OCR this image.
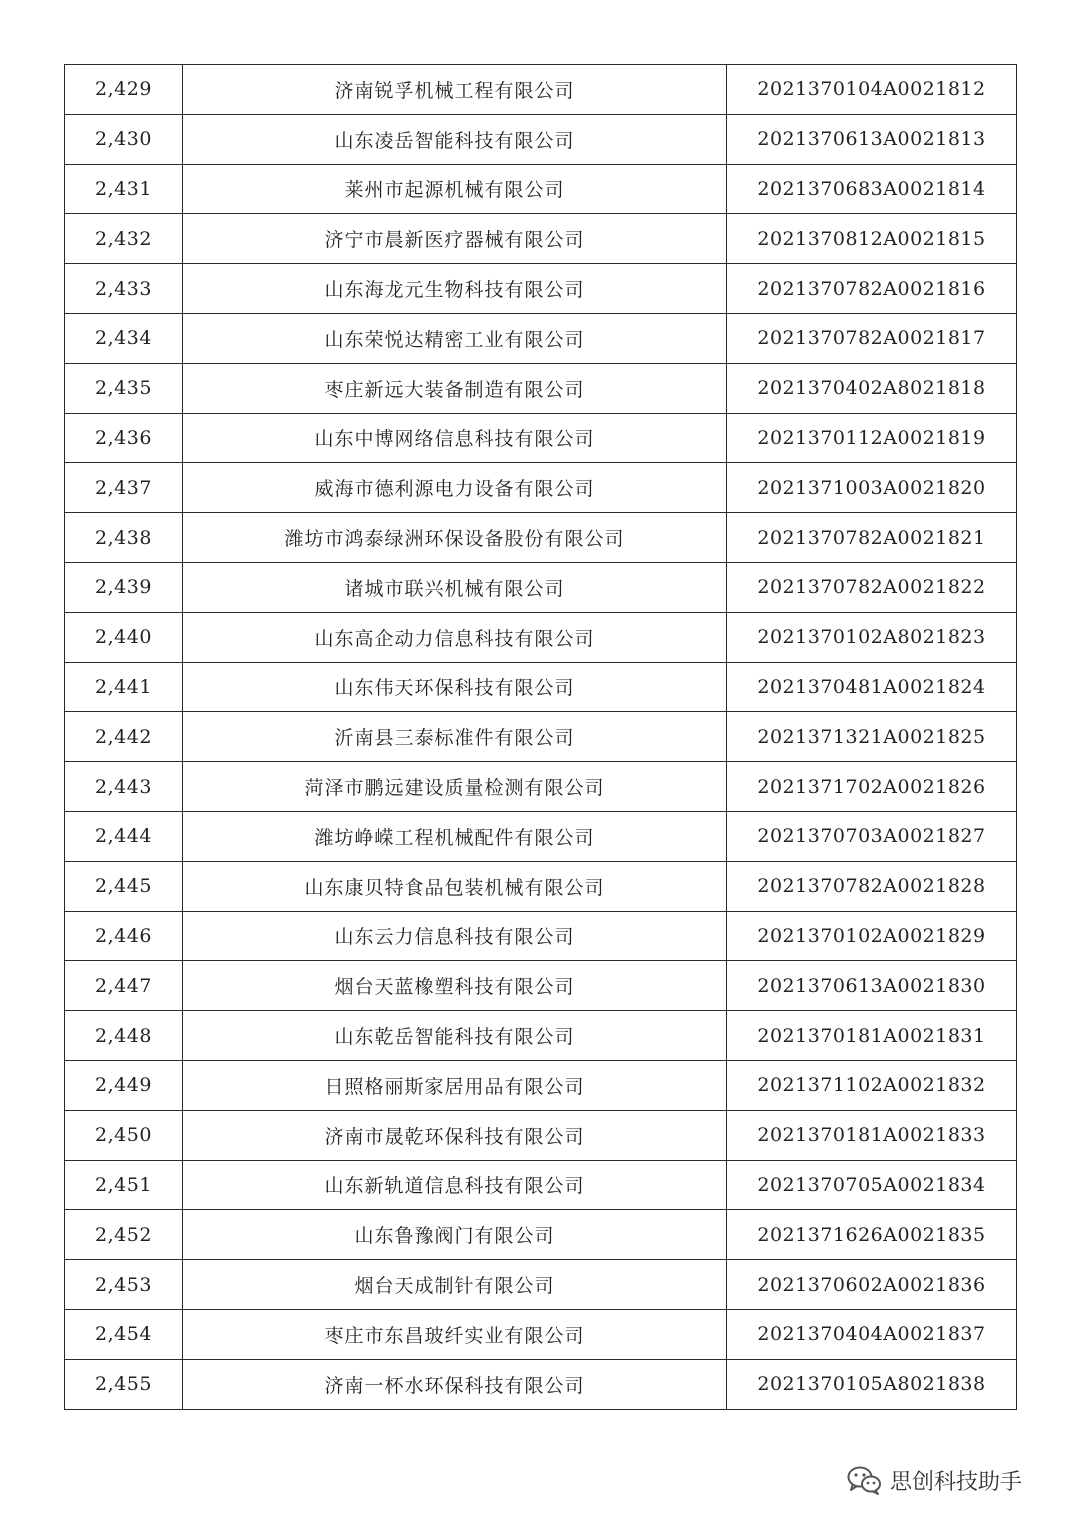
2,429	济南锐孚机械工程有限公司	2021370104A0021812
2,430	山东凌岳智能科技有限公司	2021370613A0021813
2,431	莱州市起源机械有限公司	2021370683A0021814
2,432	济宁市晨新医疗器械有限公司	2021370812A0021815
2,433	山东海龙元生物科技有限公司	2021370782A0021816
2,434	山东荣悦达精密工业有限公司	2021370782A0021817
2,435	枣庄新远大装备制造有限公司	2021370402A8021818
2,436	山东中博网络信息科技有限公司	2021370112A0021819
2,437	威海市德利源电力设备有限公司	2021371003A0021820
2,438	潍坊市鸿泰绿洲环保设备股份有限公司	2021370782A0021821
2,439	诸城市联兴机械有限公司	2021370782A0021822
2,440	山东高企动力信息科技有限公司	2021370102A8021823
2,441	山东伟天环保科技有限公司	2021370481A0021824
2,442	沂南县三泰标准件有限公司	2021371321A0021825
2,443	菏泽市鹏远建设质量检测有限公司	2021371702A0021826
2,444	潍坊峥嵘工程机械配件有限公司	2021370703A0021827
2,445	山东康贝特食品包装机械有限公司	2021370782A0021828
2,446	山东云力信息科技有限公司	2021370102A0021829
2,447	烟台天蓝橡塑科技有限公司	2021370613A0021830
2,448	山东乾岳智能科技有限公司	2021370181A0021831
2,449	日照格丽斯家居用品有限公司	2021371102A0021832
2,450	济南市晟乾环保科技有限公司	2021370181A0021833
2,451	山东新轨道信息科技有限公司	2021370705A0021834
2,452	山东鲁豫阀门有限公司	2021371626A0021835
2,453	烟台天成制针有限公司	2021370602A0021836
2,454	枣庄市东昌玻纤实业有限公司	2021370404A0021837
2,455	济南一杯水环保科技有限公司	2021370105A8021838
思创科技助手
